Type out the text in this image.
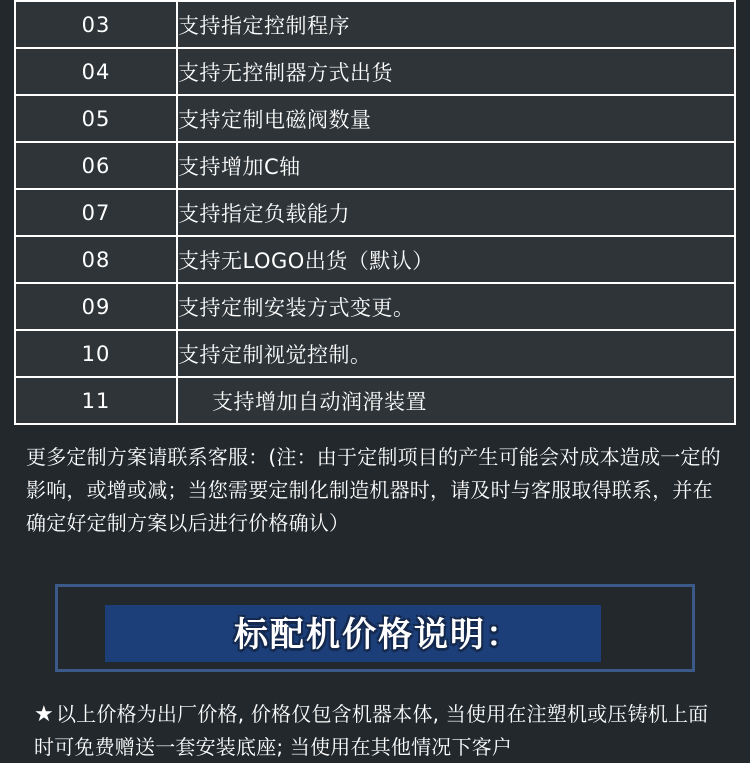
03	支持指定控制程序
04	支持无控制器方式出货
05	支持定制电磁阀数量
06	支持增加C轴
07	支持指定负载能力
08	支持无LOGO出货（默认）
09	支持定制安装方式变更。
10	支持定制视觉控制。
11	支持增加自动润滑装置

更多定制方案请联系客服：(注：由于定制项目的产生可能会对成本造成一定的影响，或增或减；当您需要定制化制造机器时，请及时与客服取得联系，并在确定好定制方案以后进行价格确认）

标配机价格说明：

★ 以上价格为出厂价格, 价格仅包含机器本体, 当使用在注塑机或压铸机上面时可免费赠送一套安装底座; 当使用在其他情况下客户
